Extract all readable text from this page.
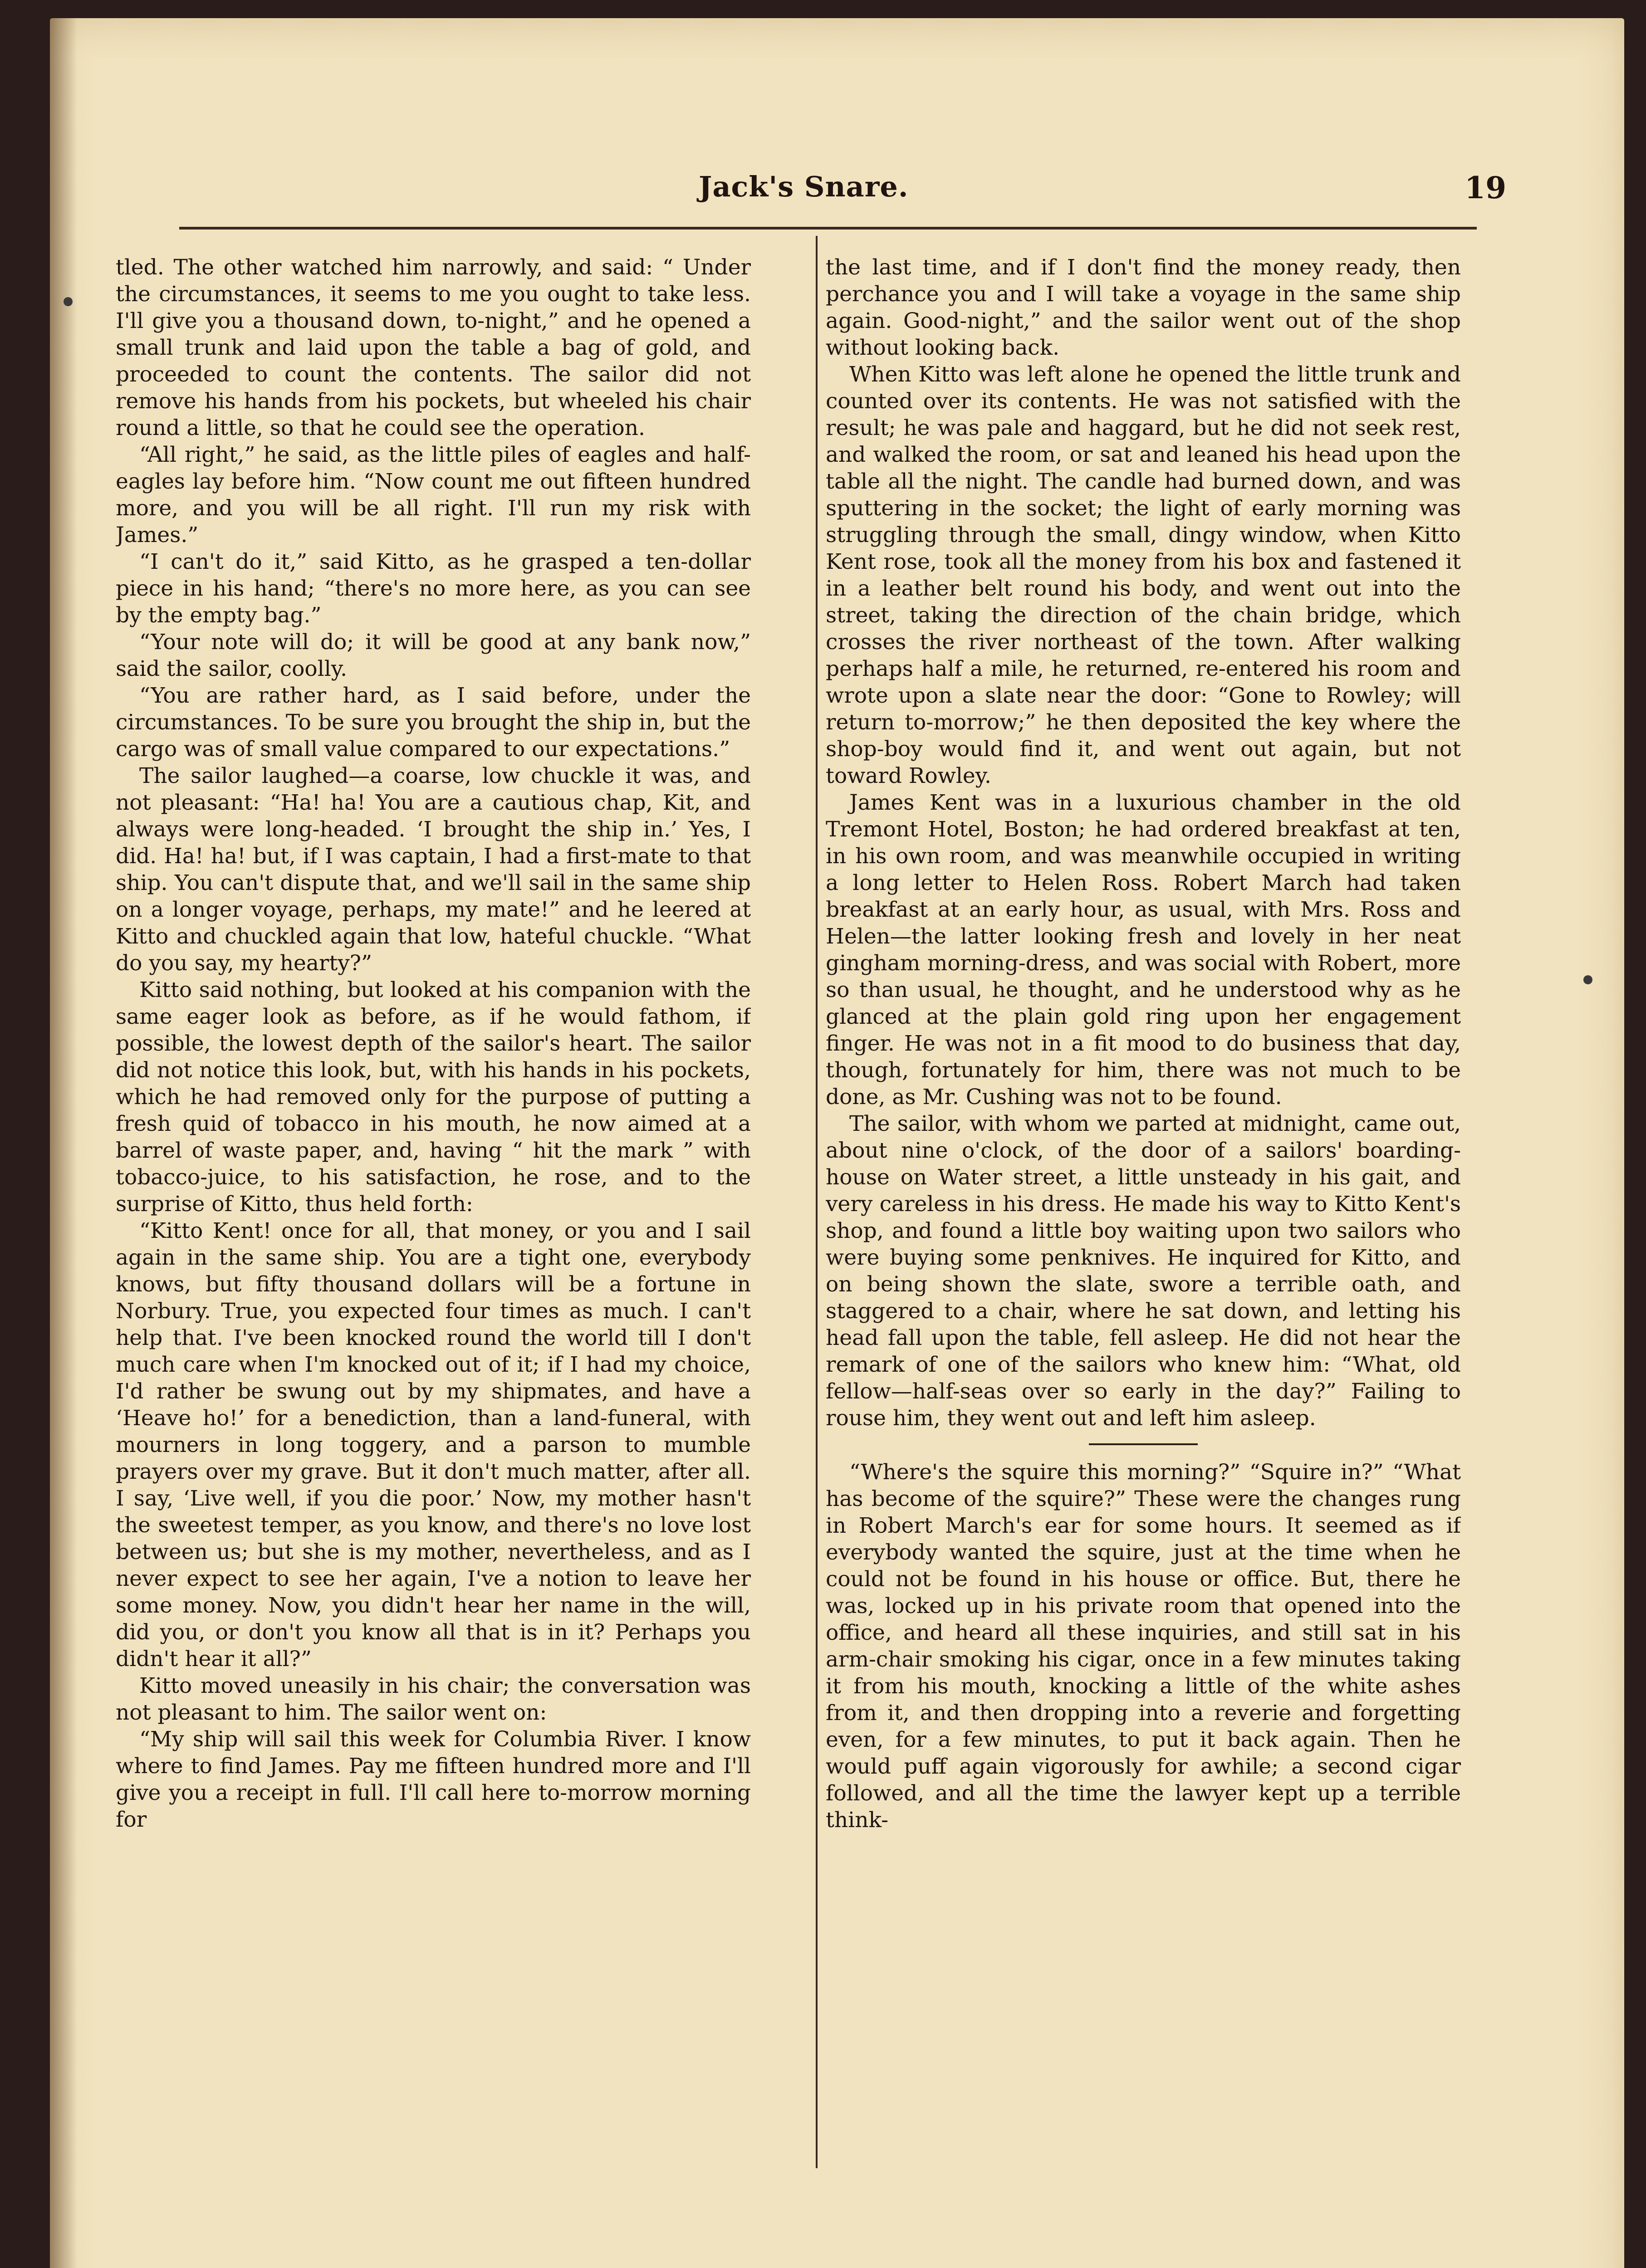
Jack's Snare.	19

tled. The other watched him narrowly, and said: “ Under the circumstances, it seems to me you ought to take less. I'll give you a thousand down, to-night,” and he opened a small trunk and laid upon the table a bag of gold, and proceeded to count the contents. The sailor did not remove his hands from his pockets, but wheeled his chair round a little, so that he could see the operation.

“All right,” he said, as the little piles of eagles and half-eagles lay before him. “Now count me out fifteen hundred more, and you will be all right. I'll run my risk with James.”

“I can't do it,” said Kitto, as he grasped a ten-dollar piece in his hand; “there's no more here, as you can see by the empty bag.”

“Your note will do; it will be good at any bank now,” said the sailor, coolly.

“You are rather hard, as I said before, under the circumstances. To be sure you brought the ship in, but the cargo was of small value compared to our expectations.”

The sailor laughed—a coarse, low chuckle it was, and not pleasant: “Ha! ha! You are a cautious chap, Kit, and always were long-headed. ‘I brought the ship in.’ Yes, I did. Ha! ha! but, if I was captain, I had a first-mate to that ship. You can't dispute that, and we'll sail in the same ship on a longer voyage, perhaps, my mate!” and he leered at Kitto and chuckled again that low, hateful chuckle. “What do you say, my hearty?”

Kitto said nothing, but looked at his companion with the same eager look as before, as if he would fathom, if possible, the lowest depth of the sailor's heart. The sailor did not notice this look, but, with his hands in his pockets, which he had removed only for the purpose of putting a fresh quid of tobacco in his mouth, he now aimed at a barrel of waste paper, and, having “ hit the mark ” with tobacco-juice, to his satisfaction, he rose, and to the surprise of Kitto, thus held forth:

“Kitto Kent! once for all, that money, or you and I sail again in the same ship. You are a tight one, everybody knows, but fifty thousand dollars will be a fortune in Norbury. True, you expected four times as much. I can't help that. I've been knocked round the world till I don't much care when I'm knocked out of it; if I had my choice, I'd rather be swung out by my shipmates, and have a ‘Heave ho!’ for a benediction, than a land-funeral, with mourners in long toggery, and a parson to mumble prayers over my grave. But it don't much matter, after all. I say, ‘Live well, if you die poor.’ Now, my mother hasn't the sweetest temper, as you know, and there's no love lost between us; but she is my mother, nevertheless, and as I never expect to see her again, I've a notion to leave her some money. Now, you didn't hear her name in the will, did you, or don't you know all that is in it? Perhaps you didn't hear it all?”

Kitto moved uneasily in his chair; the conversation was not pleasant to him. The sailor went on:

“My ship will sail this week for Columbia River. I know where to find James. Pay me fifteen hundred more and I'll give you a receipt in full. I'll call here to-morrow morning for

the last time, and if I don't find the money ready, then perchance you and I will take a voyage in the same ship again. Good-night,” and the sailor went out of the shop without looking back.

When Kitto was left alone he opened the little trunk and counted over its contents. He was not satisfied with the result; he was pale and haggard, but he did not seek rest, and walked the room, or sat and leaned his head upon the table all the night. The candle had burned down, and was sputtering in the socket; the light of early morning was struggling through the small, dingy window, when Kitto Kent rose, took all the money from his box and fastened it in a leather belt round his body, and went out into the street, taking the direction of the chain bridge, which crosses the river northeast of the town. After walking perhaps half a mile, he returned, re-entered his room and wrote upon a slate near the door: “Gone to Rowley; will return to-morrow;” he then deposited the key where the shop-boy would find it, and went out again, but not toward Rowley.

James Kent was in a luxurious chamber in the old Tremont Hotel, Boston; he had ordered breakfast at ten, in his own room, and was meanwhile occupied in writing a long letter to Helen Ross. Robert March had taken breakfast at an early hour, as usual, with Mrs. Ross and Helen—the latter looking fresh and lovely in her neat gingham morning-dress, and was social with Robert, more so than usual, he thought, and he understood why as he glanced at the plain gold ring upon her engagement finger. He was not in a fit mood to do business that day, though, fortunately for him, there was not much to be done, as Mr. Cushing was not to be found.

The sailor, with whom we parted at midnight, came out, about nine o'clock, of the door of a sailors' boarding-house on Water street, a little unsteady in his gait, and very careless in his dress. He made his way to Kitto Kent's shop, and found a little boy waiting upon two sailors who were buying some penknives. He inquired for Kitto, and on being shown the slate, swore a terrible oath, and staggered to a chair, where he sat down, and letting his head fall upon the table, fell asleep. He did not hear the remark of one of the sailors who knew him: “What, old fellow—half-seas over so early in the day?” Failing to rouse him, they went out and left him asleep.

“Where's the squire this morning?” “Squire in?” “What has become of the squire?” These were the changes rung in Robert March's ear for some hours. It seemed as if everybody wanted the squire, just at the time when he could not be found in his house or office. But, there he was, locked up in his private room that opened into the office, and heard all these inquiries, and still sat in his arm-chair smoking his cigar, once in a few minutes taking it from his mouth, knocking a little of the white ashes from it, and then dropping into a reverie and forgetting even, for a few minutes, to put it back again. Then he would puff again vigorously for awhile; a second cigar followed, and all the time the lawyer kept up a terrible think-
